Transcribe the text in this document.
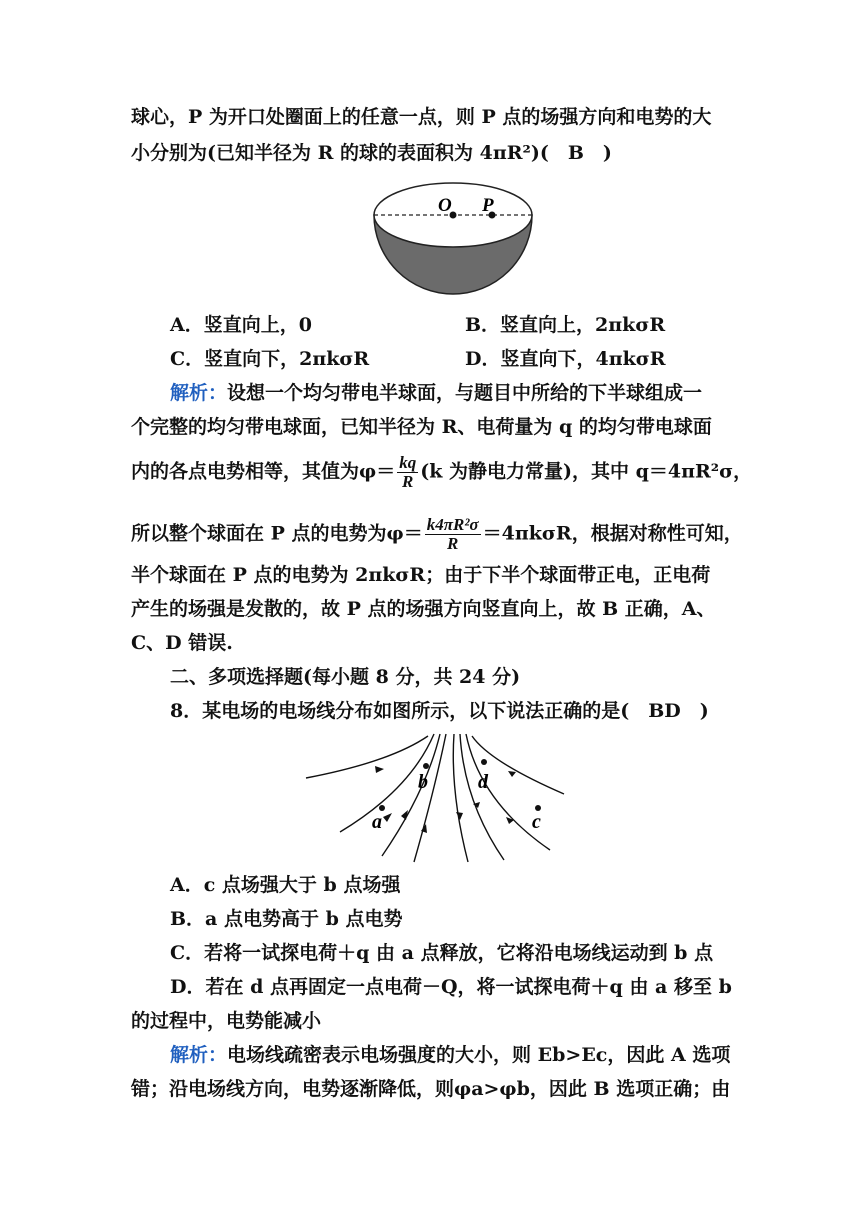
球心，P 为开口处圈面上的任意一点，则 P 点的场强方向和电势的大
小分别为(已知半径为 R 的球的表面积为 4πR²)(　B　)
O P
A．竖直向上，0	B．竖直向上，2πkσR
C．竖直向下，2πkσR	D．竖直向下，4πkσR
解析：设想一个均匀带电半球面，与题目中所给的下半球组成一
个完整的均匀带电球面，已知半径为 R、电荷量为 q 的均匀带电球面
内的各点电势相等，其值为$\varphi= \frac{kq}{R} (k$ 为静电力常量)，其中 q＝4πR²σ，
所以整个球面在 P 点的电势为$\varphi= \frac{\text{k4πR²σ}}{R} =4\pi k\sigma R$，根据对称性可知，
半个球面在 P 点的电势为 2πkσR；由于下半个球面带正电，正电荷
产生的场强是发散的，故 P 点的场强方向竖直向上，故 B 正确，A、
C、D 错误.
二、多项选择题(每小题 8 分，共 24 分)
8．某电场的电场线分布如图所示，以下说法正确的是(　BD　)
a
b
c
d
A．c 点场强大于 b 点场强
B．a 点电势高于 b 点电势
C．若将一试探电荷＋q 由 a 点释放，它将沿电场线运动到 b 点
D．若在 d 点再固定一点电荷－Q，将一试探电荷＋q 由 a 移至 b
的过程中，电势能减小
解析：电场线疏密表示电场强度的大小，则 Eb>Ec，因此 A 选项
错；沿电场线方向，电势逐渐降低，则φa>φb，因此 B 选项正确；由
